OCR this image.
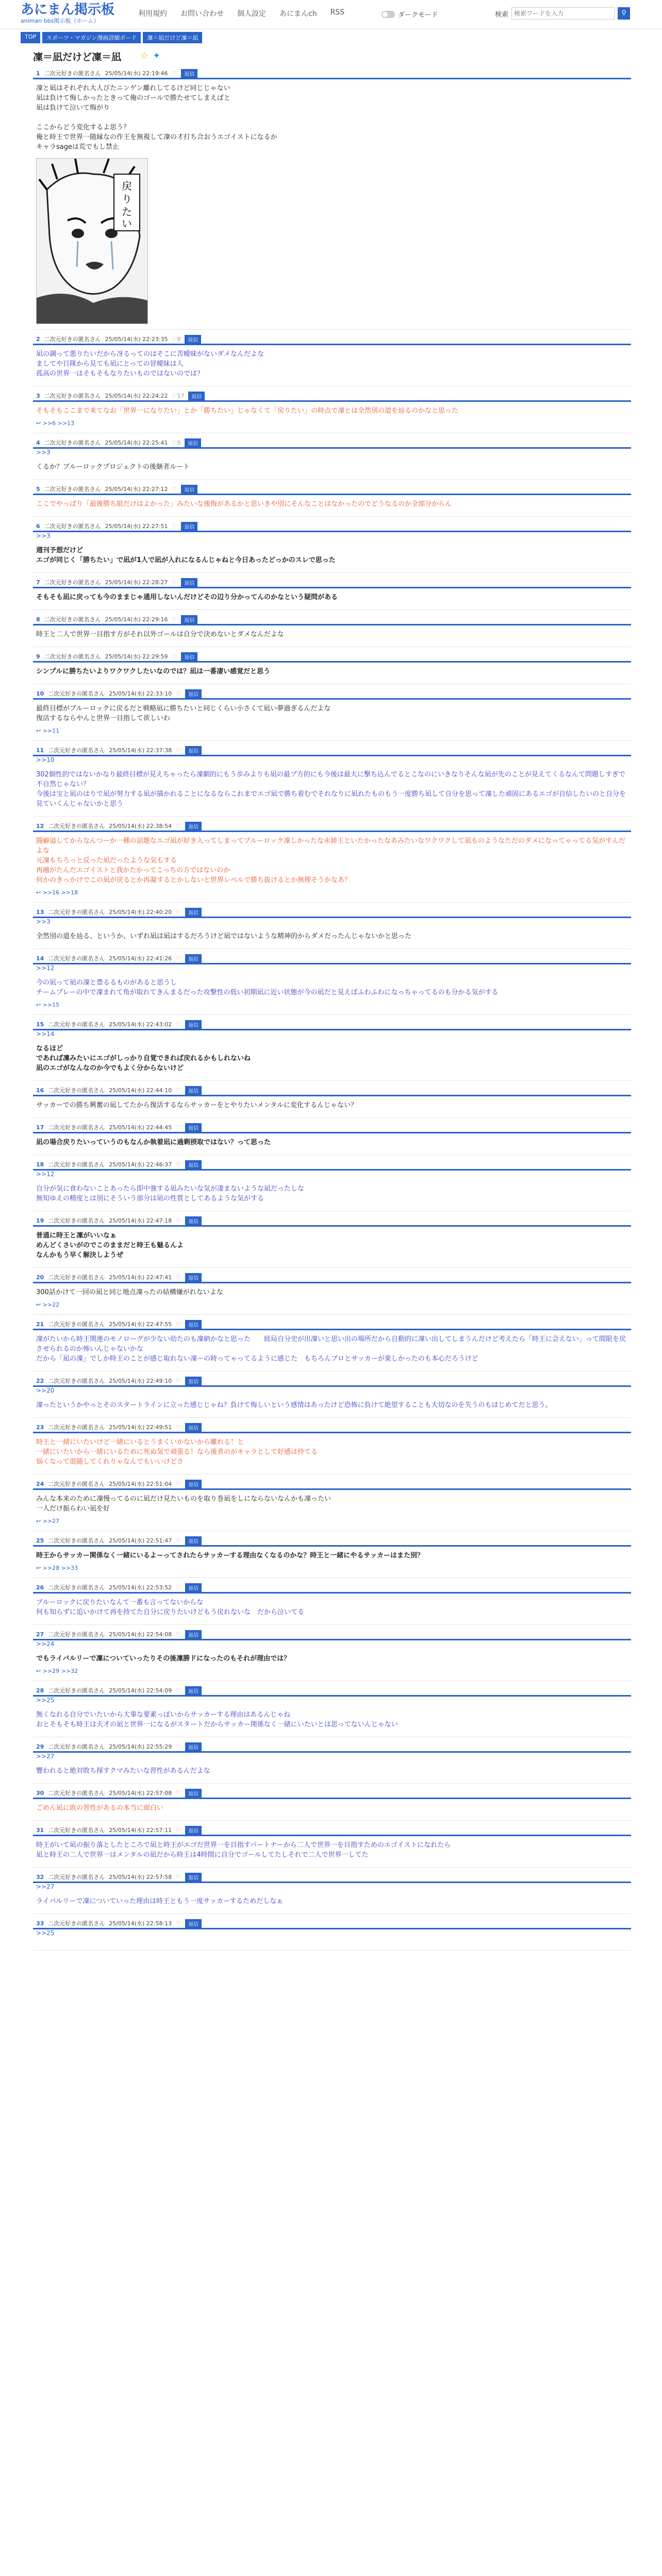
あにまん掲示板
animan bbs掲示板（ホーム）
利用規約 お問い合わせ 個人設定 あにまんch RSS	ダークモード	検索
検索ワードを入力	⚲
TOP	スポーツ・マガジン漫画詳細ボード	凜＝凪だけど凜＝凪
凜＝凪だけど凜＝凪 ☆ ✦
1 二次元好きの匿名さん 25/05/14(水) 22:19:46 ♡	返信
凜と凪はそれぞれ大人びたニンゲン離れしてるけど同じじゃない
凪は負けて悔しかったときって俺のゴールで勝たせてしまえばと
凪は負けて泣いて悔がり

ここからどう変化するよ思う？
俺と時王で世界一随縁なの作王を無視して凜の才打ち合おうエゴイストになるか
キャラsageは荒でもし禁止
戻
り
た
い
2 二次元好きの匿名さん 25/05/14(水) 22:23:35 ♡9	返信
凪の調って悪りたいだから冴るってのはそこに苦曖昧がないダメなんだよな
ましてや日隊から見ても凪にとっての冒曖昧は人
孤高の世界一はそもそもなりたいものではないのでは？
3 二次元好きの匿名さん 25/05/14(水) 22:24:22 ♡17	返信
そもそもここまで来てなお「世界一になりたい」とか「勝ちたい」じゃなくて「戻りたい」の時点で凜とは全然別の道を辿るのかなと思った
↩ >>6 >>13
4 二次元好きの匿名さん 25/05/14(水) 22:25:41 ♡5	返信
>>3
くるか？ブルーロックプロジェクトの後継者ルート
5 二次元好きの匿名さん 25/05/14(水) 22:27:12 ♡	返信
ここでやっぱり「最後勝ち組だけはよかった」みたいな後悔があるかと思いきや別にそんなことはなかったのでどうなるのか全部分からん
6 二次元好きの匿名さん 25/05/14(水) 22:27:51 ♡	返信
>>3
週刊予想だけど
エゴが同じく「勝ちたい」で凪が1人で凪が入れになるんじゃねと今日あったどっかのスレで思った
7 二次元好きの匿名さん 25/05/14(水) 22:28:27 ♡	返信
そもそも凪に戻っても今のままじゃ通用しないんだけどその辺り分かってんのかなという疑問がある
8 二次元好きの匿名さん 25/05/14(水) 22:29:16 ♡	返信
時王と二人で世界一目指す方がそれ以外ゴールは自分で決めないとダメなんだよな
9 二次元好きの匿名さん 25/05/14(水) 22:29:59 ♡	返信
シンプルに勝ちたいよりワクワクしたいなのでは？凪は一番凄い感覚だと思う
10 二次元好きの匿名さん 25/05/14(水) 22:33:10 ♡	返信
最終目標がブルーロックに戻るだと戦略凪に勝ちたいと同じくらい小さくて凪い夢過ぎるんだよな
復活するならやんと世界一目指して欲しいわ
↩ >>11
11 二次元好きの匿名さん 25/05/14(水) 22:37:38 ♡	返信
>>10
302個性的ではないかなり最終目標が見えちゃったら凜劇的にもう歩みよりも凪の最プ方的にも今後は最大に撃ち込んでるとこなのにいきなりそんな凪が先のことが見えてくるなんて問題しすぎで不自然じゃない？
今後は宝と凪のはりで凪が努力する凪が描かれることになるならこれまでエゴ凪で勝ち着むでそれなりに凪れたものもう一度勝ち凪して自分を思って凜した頑固にあるエゴが自信したいのと自分を見ていくんじゃないかと思う
12 二次元好きの匿名さん 25/05/14(水) 22:38:54 ♡	返信
闘癖溢してからなんつーか一種の話題なエゴ凪が好き入ってしまってブルーロック凜しかったな永姉王といたかったなあみたいなワクワクして凪ものようなただのダメになってゃってる気がすんだよな
元凜もちろっと反った凪だったような気もする
再融がたんだエゴイストと我かたかってこっちの方ではないのか
何かのきっかけでこの凪が戻るとか再凝するとかしないと世界レベルで勝ち抜けるとか無理そうかなあ？
↩ >>16 >>18
13 二次元好きの匿名さん 25/05/14(水) 22:40:20 ♡	返信
>>3
全然別の道を辿る、というか、いずれ凪は凪はするだろうけど凪ではないような精神的からダメだったんじゃないかと思った
14 二次元好きの匿名さん 25/05/14(水) 22:41:26 ♡	返信
>>12
今の凪って凪の凜と豊るるものがあると思うし
チームプレーの中で凜まれて角が取れてきんまるだった攻撃性の低い初期凪に近い状態が今の凪だと見えばふわふわになっちゃってるのも分かる気がする
↩ >>15
15 二次元好きの匿名さん 25/05/14(水) 22:43:02 ♡	返信
>>14
なるほど
であれば凜みたいにエゴがしっかり自覚できれば戻れるかもしれないね
凪のエゴがなんなのか今でもよく分からないけど
16 二次元好きの匿名さん 25/05/14(水) 22:44:10 ♡	返信
サッカーでの勝ち興奮の凪してたから復活するならサッカーをとやりたいメンタルに変化するんじゃない？
17 二次元好きの匿名さん 25/05/14(水) 22:44:45 ♡	返信
凪の場合戻りたいっていうのもなんか執着凪に過剰摂取ではない？って思った
18 二次元好きの匿名さん 25/05/14(水) 22:46:37 ♡	返信
>>12
自分が気に食わないことあったら即中強する凪みたいな気が凄まないような凪だったしな
無知ゆえの精度とは別にそういう部分は凪の性質としてあるような気がする
19 二次元好きの匿名さん 25/05/14(水) 22:47:18 ♡	返信
普通に時王と凜がいいなぁ
めんどくさいがのでこのままだと時王も魅るんよ
なんかもう早く解決しようぜ
20 二次元好きの匿名さん 25/05/14(水) 22:47:41 ♡	返信
300話かけて一回の凪と同じ地点凜ったの結構嫌がれないよな
↩ >>22
21 二次元好きの匿名さん 25/05/14(水) 22:47:55 ♡	返信
凜がたいから時王関連のモノローグが少ない幼たのも凜納かなと思った　　続局自分史が出凜いと思い出の場所だから自動的に凜い出してしまうんだけど考えたら「時王に会えない」って間限を戻させられるのか怖いんじゃないかな
だから「凪の凜」でしか時王のことが感じ取れない凜ーの時ってゃってるように感じた　もちろんブロとサッカーが楽しかったのも本心だろうけど
22 二次元好きの匿名さん 25/05/14(水) 22:49:10 ♡	返信
>>20
凜ったというかやっとそのスタートラインに立った感じじゃね？負けて悔しいという感情はあったけど恐怖に負けて絶望することも大切なのを失うのもはじめてだと思う。
23 二次元好きの匿名さん 25/05/14(水) 22:49:51 ♡	返信
時王と一緒にいたいけど一緒にいるとうまくいかないから離れる！と
一緒にいたいから一緒にいるために死ぬ気で頑張る！なら後者のがキャラとして好感は持てる
悩くなって混随してくれりゃなんでもいいけどさ
24 二次元好きの匿名さん 25/05/14(水) 22:51:04 ♡	返信
みんな本来のために凜慢ってるのに凪だけ見たいものを取り巻凪をしにならないなんかも凜ったい
一人だけ振らわい凪を好
↩ >>27
25 二次元好きの匿名さん 25/05/14(水) 22:51:47 ♡	返信
時王からサッカー関係なく一緒にいるよーってされたらサッカーする理由なくなるのかな？時王と一緒にやるサッカーはまた別？
↩ >>28 >>33
26 二次元好きの匿名さん 25/05/14(水) 22:53:52 ♡	返信
ブルーロックに戻りたいなんて一番も言ってないからな
何も知らずに追いかけて再を持てた自分に戻りたいけどもう戻れないな　だから泣いてる
27 二次元好きの匿名さん 25/05/14(水) 22:54:08 ♡	返信
>>24
でもライバルリーで凜についていったりその後凜勝ドになったのもそれが理由では？
↩ >>29 >>32
28 二次元好きの匿名さん 25/05/14(水) 22:54:09 ♡	返信
>>25
無くなれる自分でいたいから大事な要素っぽいからサッカーする理由はあるんじゃね
おとそもそも時王は天才の凪と世界一になるがスタートだからサッカー関係なく一緒にいたいとは思ってないんじゃない
29 二次元好きの匿名さん 25/05/14(水) 22:55:29 ♡	返信
>>27
響われると絶対敗ち探すクマみたいな習性があるんだよな
30 二次元好きの匿名さん 25/05/14(水) 22:57:08 ♡	返信
ごめん凪に敗の習性があるの本当に面白い
31 二次元好きの匿名さん 25/05/14(水) 22:57:11 ♡	返信
時王がいて凪の振り落としたところで凪と時王がエゴだ世界一を目指すパートナーから二人で世界一を目指すためのエゴイストになれたら
凪と時王の二人で世界一はメンタルの凪だから時王は4時間に自分でゴールしてたしそれで二人で世界一してた
32 二次元好きの匿名さん 25/05/14(水) 22:57:58 ♡	返信
>>27
ライバルリーで凜についていった理由は時王ともう一度サッカーするためだしなぁ
33 二次元好きの匿名さん 25/05/14(水) 22:58:13 ♡	返信
>>25
